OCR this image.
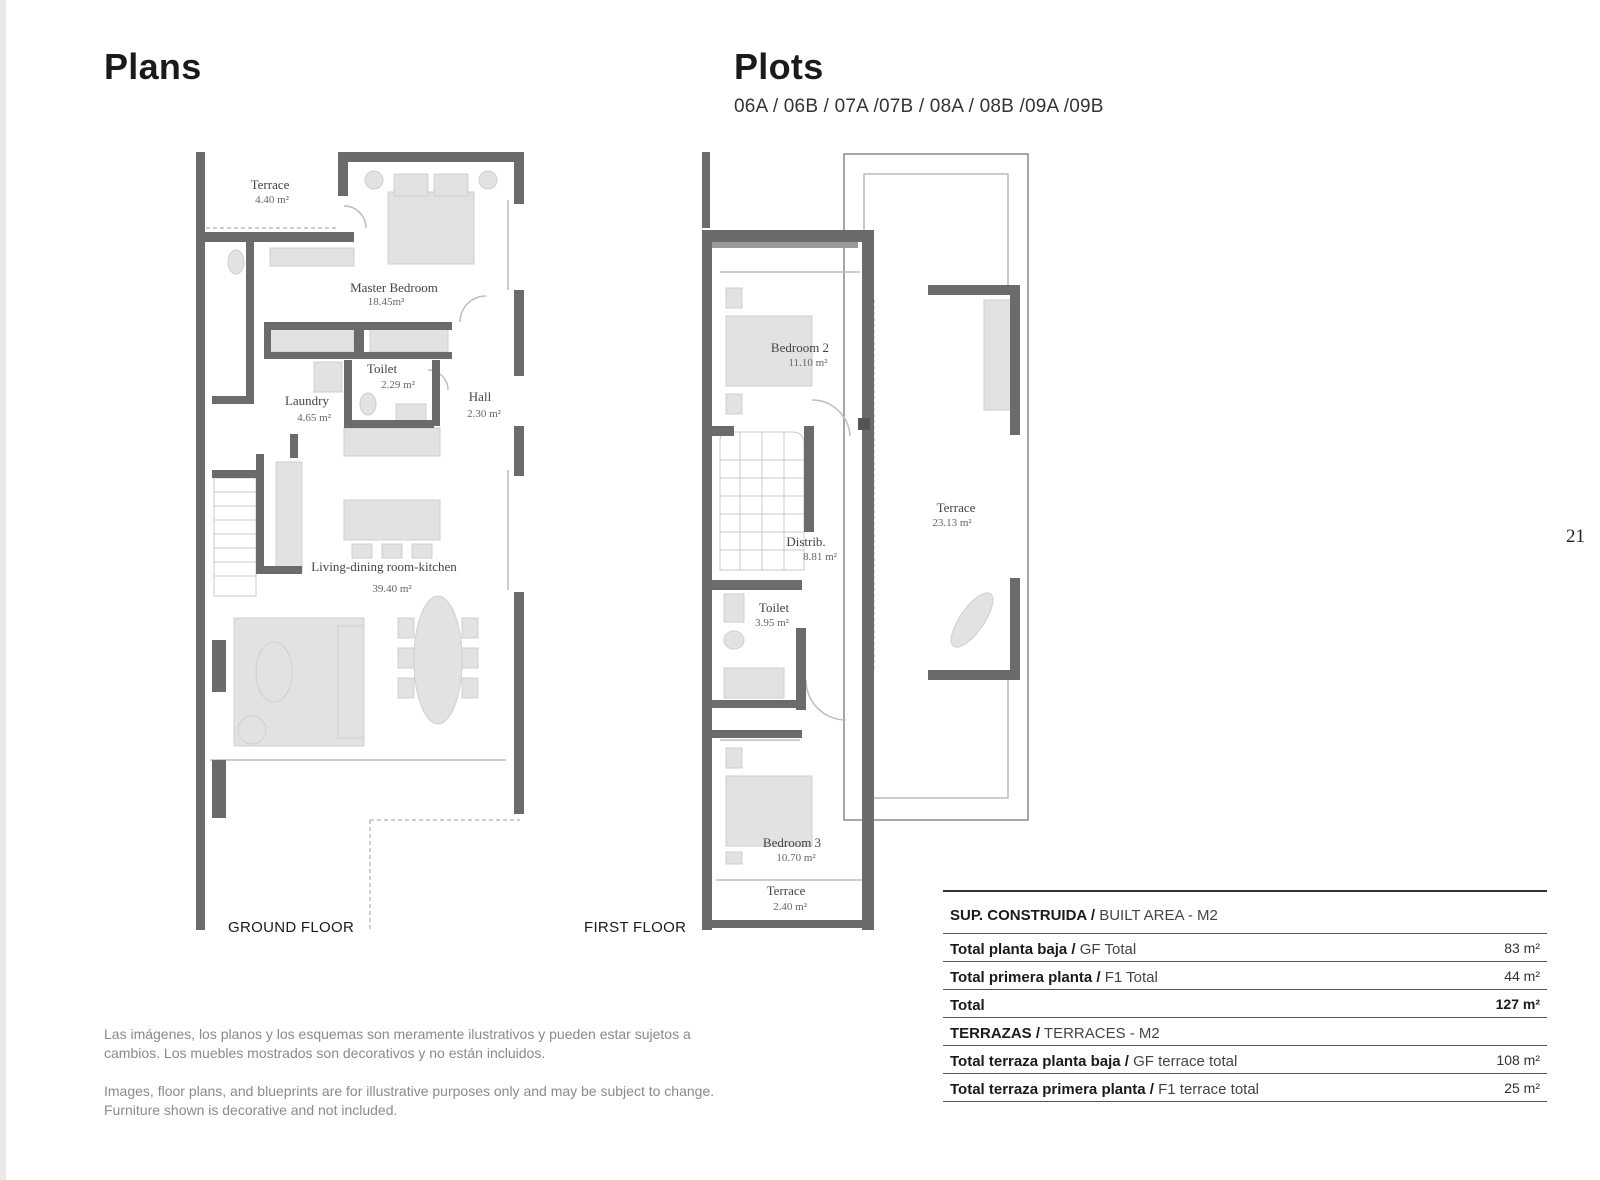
Plans	Plots
06A / 06B / 07A /07B / 08A / 08B /09A /09B
21
Terrace
4.40 m²
Master Bedroom
18.45m²
Toilet
2.29 m²
Laundry
4.65 m²
Hall
2.30 m²
Living-dining room-kitchen
39.40 m²
Bedroom 2
11.10 m²
Terrace
23.13 m²
Distrib.
8.81 m²
Toilet
3.95 m²
Bedroom 3
10.70 m²
Terrace
2.40 m²
GROUND FLOOR	FIRST FLOOR
Las imágenes, los planos y los esquemas son meramente ilustrativos y pueden estar sujetos a cambios. Los muebles mostrados son decorativos y no están incluidos.
Images, floor plans, and blueprints are for illustrative purposes only and may be subject to change. Furniture shown is decorative and not included.
SUP. CONSTRUIDA / BUILT AREA - M2
Total planta baja / GF Total	83 m²
Total primera planta / F1 Total	44 m²
Total	127 m²
TERRAZAS / TERRACES - M2
Total terraza planta baja / GF terrace total	108 m²
Total terraza primera planta / F1 terrace total	25 m²
